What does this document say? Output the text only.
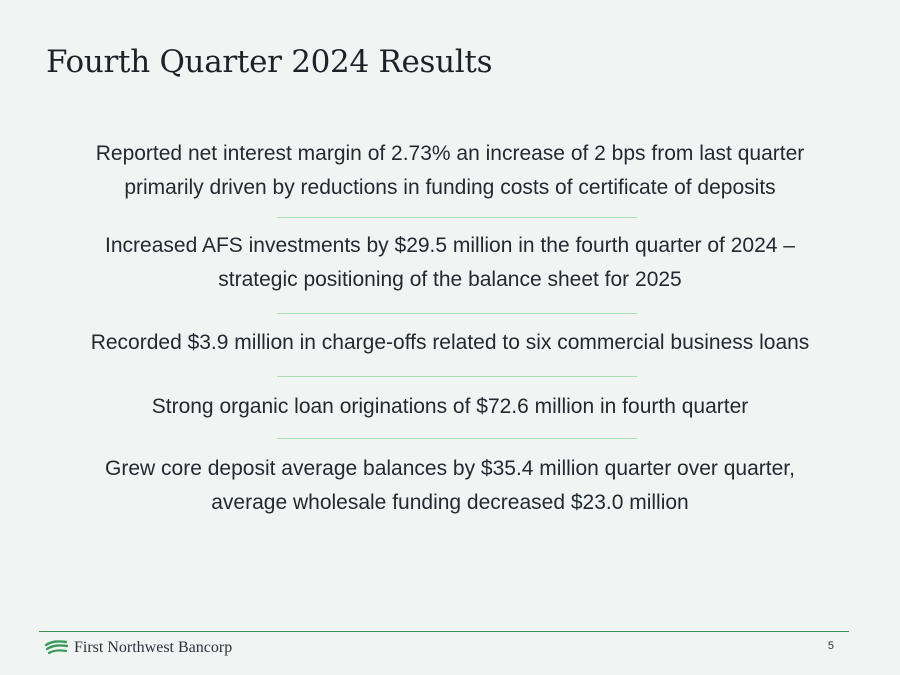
Fourth Quarter 2024 Results
Reported net interest margin of 2.73% an increase of 2 bps from last quarter
primarily driven by reductions in funding costs of certificate of deposits
Increased AFS investments by $29.5 million in the fourth quarter of 2024 –
strategic positioning of the balance sheet for 2025
Recorded $3.9 million in charge-offs related to six commercial business loans
Strong organic loan originations of $72.6 million in fourth quarter
Grew core deposit average balances by $35.4 million quarter over quarter,
average wholesale funding decreased $23.0 million
First Northwest Bancorp	5
